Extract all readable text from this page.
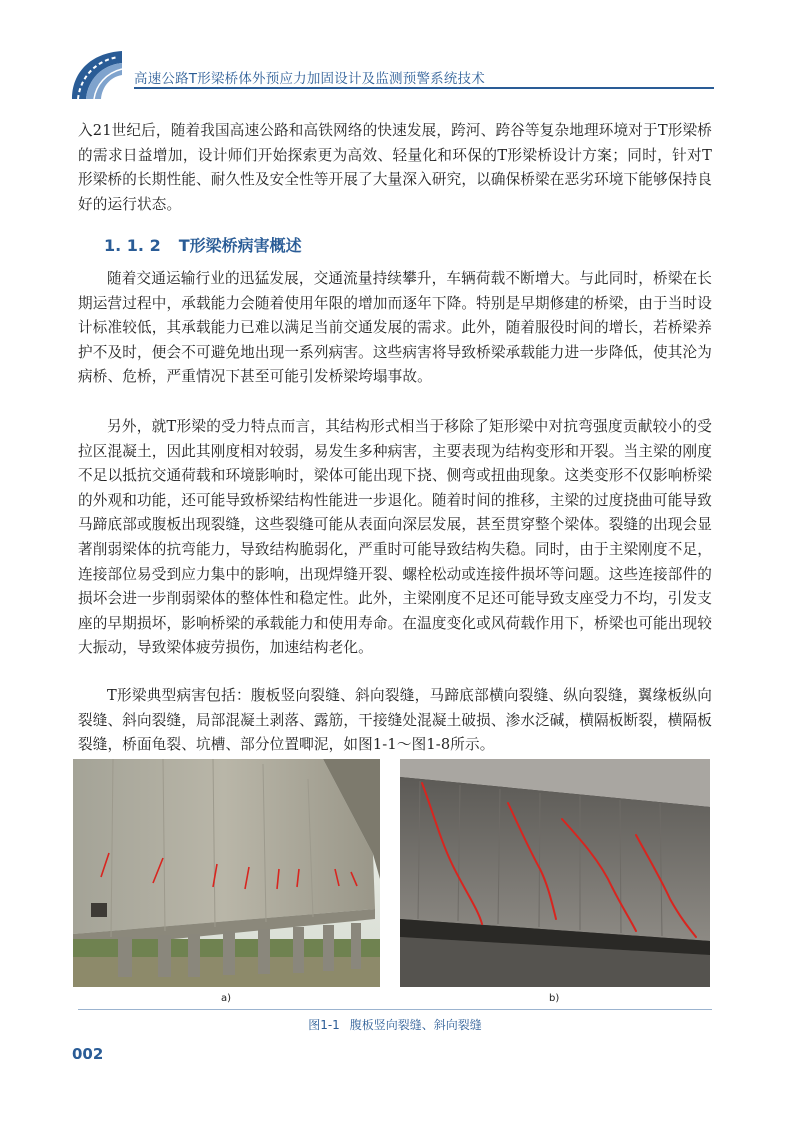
高速公路T形梁桥体外预应力加固设计及监测预警系统技术

入21世纪后，随着我国高速公路和高铁网络的快速发展，跨河、跨谷等复杂地理环境对于T形梁桥的需求日益增加，设计师们开始探索更为高效、轻量化和环保的T形梁桥设计方案；同时，针对T形梁桥的长期性能、耐久性及安全性等开展了大量深入研究，以确保桥梁在恶劣环境下能够保持良好的运行状态。

1. 1. 2 T形梁桥病害概述

随着交通运输行业的迅猛发展，交通流量持续攀升，车辆荷载不断增大。与此同时，桥梁在长期运营过程中，承载能力会随着使用年限的增加而逐年下降。特别是早期修建的桥梁，由于当时设计标准较低，其承载能力已难以满足当前交通发展的需求。此外，随着服役时间的增长，若桥梁养护不及时，便会不可避免地出现一系列病害。这些病害将导致桥梁承载能力进一步降低，使其沦为病桥、危桥，严重情况下甚至可能引发桥梁垮塌事故。

另外，就T形梁的受力特点而言，其结构形式相当于移除了矩形梁中对抗弯强度贡献较小的受拉区混凝土，因此其刚度相对较弱，易发生多种病害，主要表现为结构变形和开裂。当主梁的刚度不足以抵抗交通荷载和环境影响时，梁体可能出现下挠、侧弯或扭曲现象。这类变形不仅影响桥梁的外观和功能，还可能导致桥梁结构性能进一步退化。随着时间的推移，主梁的过度挠曲可能导致马蹄底部或腹板出现裂缝，这些裂缝可能从表面向深层发展，甚至贯穿整个梁体。裂缝的出现会显著削弱梁体的抗弯能力，导致结构脆弱化，严重时可能导致结构失稳。同时，由于主梁刚度不足，连接部位易受到应力集中的影响，出现焊缝开裂、螺栓松动或连接件损坏等问题。这些连接部件的损坏会进一步削弱梁体的整体性和稳定性。此外，主梁刚度不足还可能导致支座受力不均，引发支座的早期损坏，影响桥梁的承载能力和使用寿命。在温度变化或风荷载作用下，桥梁也可能出现较大振动，导致梁体疲劳损伤，加速结构老化。

T形梁典型病害包括：腹板竖向裂缝、斜向裂缝，马蹄底部横向裂缝、纵向裂缝，翼缘板纵向裂缝、斜向裂缝，局部混凝土剥落、露筋，干接缝处混凝土破损、渗水泛碱，横隔板断裂，横隔板裂缝，桥面龟裂、坑槽、部分位置唧泥，如图1-1～图1-8所示。

a)	b)
图1-1 腹板竖向裂缝、斜向裂缝
002
